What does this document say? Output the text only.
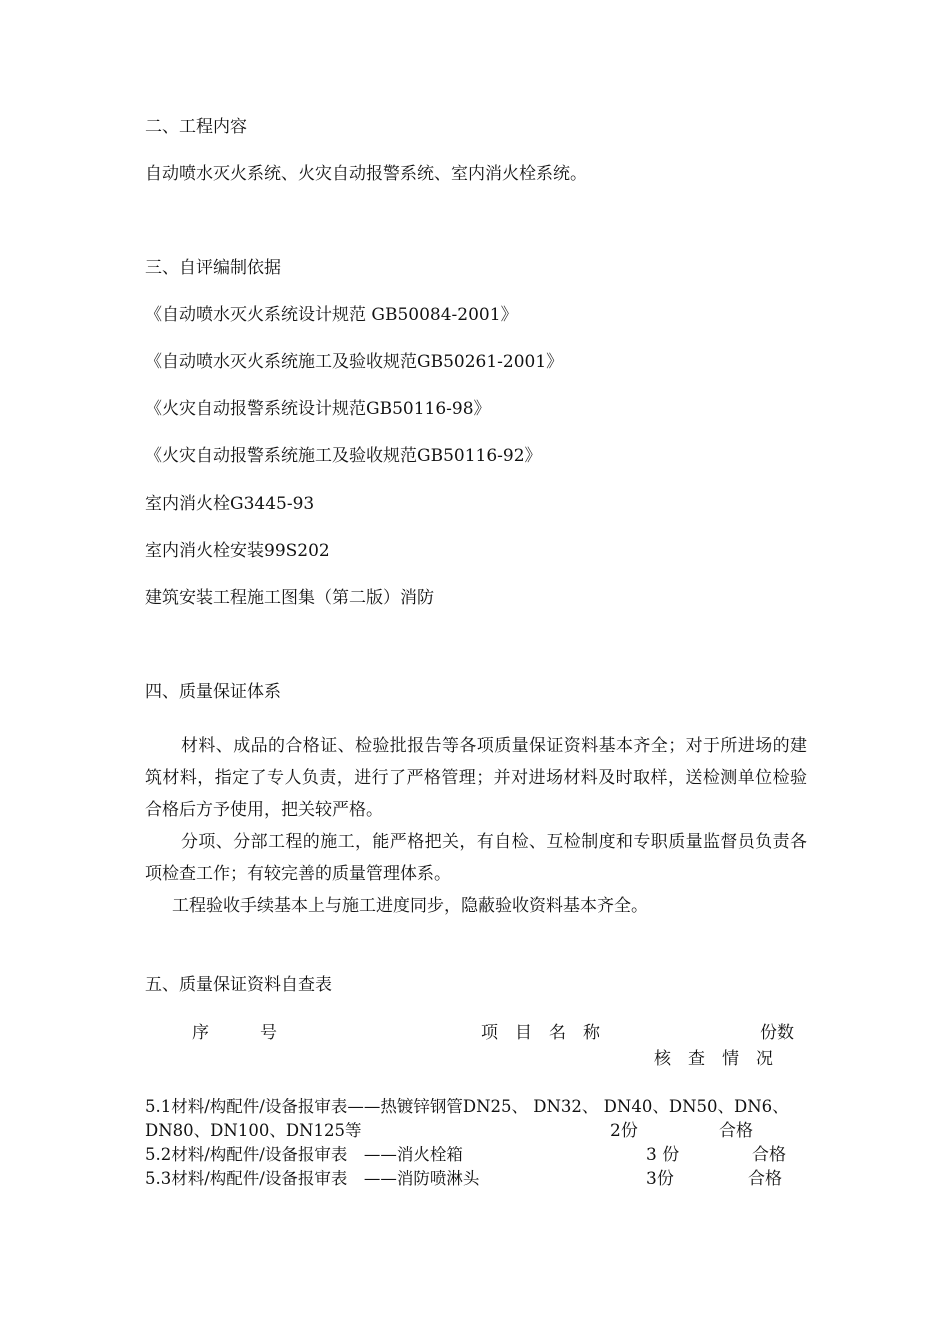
二、工程内容
自动喷水灭火系统、火灾自动报警系统、室内消火栓系统。
三、自评编制依据
《自动喷水灭火系统设计规范 GB50084-2001》
《自动喷水灭火系统施工及验收规范GB50261-2001》
《火灾自动报警系统设计规范GB50116-98》
《火灾自动报警系统施工及验收规范GB50116-92》
室内消火栓G3445-93
室内消火栓安装99S202
建筑安装工程施工图集（第二版）消防
四、质量保证体系
材料、成品的合格证、检验批报告等各项质量保证资料基本齐全；对于所进场的建筑材料，指定了专人负责，进行了严格管理；并对进场材料及时取样，送检测单位检验合格后方予使用，把关较严格。
分项、分部工程的施工，能严格把关，有自检、互检制度和专职质量监督员负责各项检查工作；有较完善的质量管理体系。
工程验收手续基本上与施工进度同步，隐蔽验收资料基本齐全。
五、质量保证资料自查表
序　　　号	项　目　名　称	份数
核　查　情　况
5.1材料/构配件/设备报审表——热镀锌钢管DN25、 DN32、 DN40、DN50、DN6、
DN80、DN100、DN125等	2份	合格
5.2材料/构配件/设备报审表　——消火栓箱	3 份	合格
5.3材料/构配件/设备报审表　——消防喷淋头	3份	合格
